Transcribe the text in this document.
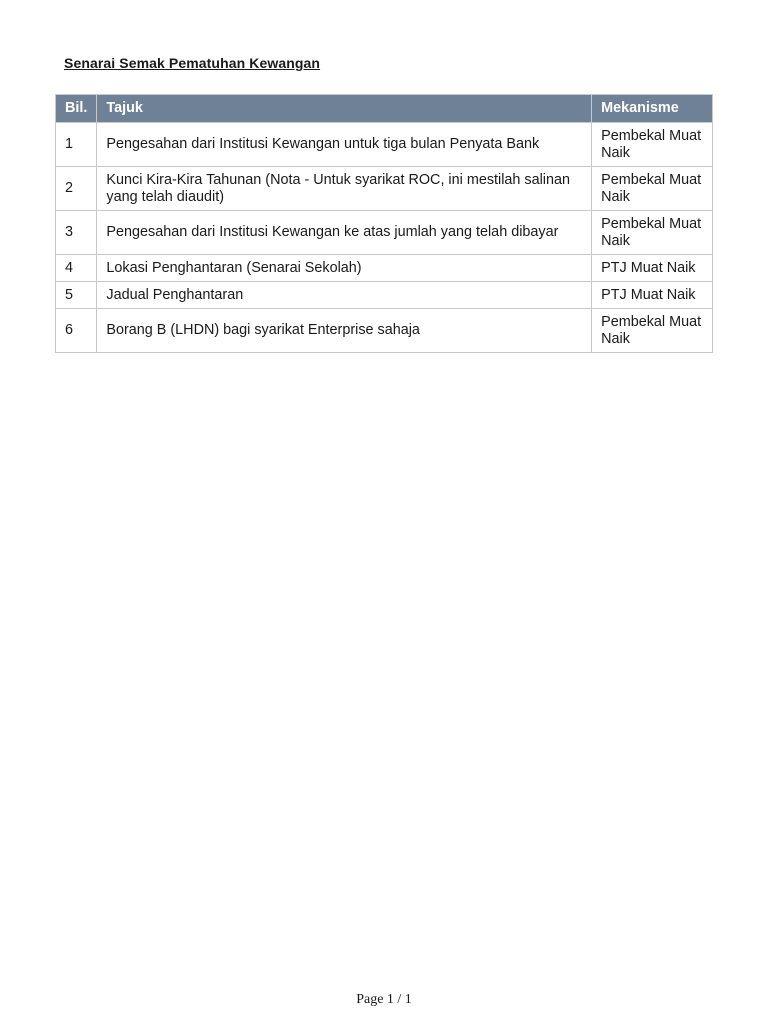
Senarai Semak Pematuhan Kewangan
Bil.	Tajuk	Mekanisme
1	Pengesahan dari Institusi Kewangan untuk tiga bulan Penyata Bank	Pembekal Muat Naik
2	Kunci Kira-Kira Tahunan (Nota - Untuk syarikat ROC, ini mestilah salinan yang telah diaudit)	Pembekal Muat Naik
3	Pengesahan dari Institusi Kewangan ke atas jumlah yang telah dibayar	Pembekal Muat Naik
4	Lokasi Penghantaran (Senarai Sekolah)	PTJ Muat Naik
5	Jadual Penghantaran	PTJ Muat Naik
6	Borang B (LHDN) bagi syarikat Enterprise sahaja	Pembekal Muat Naik
Page 1 / 1
